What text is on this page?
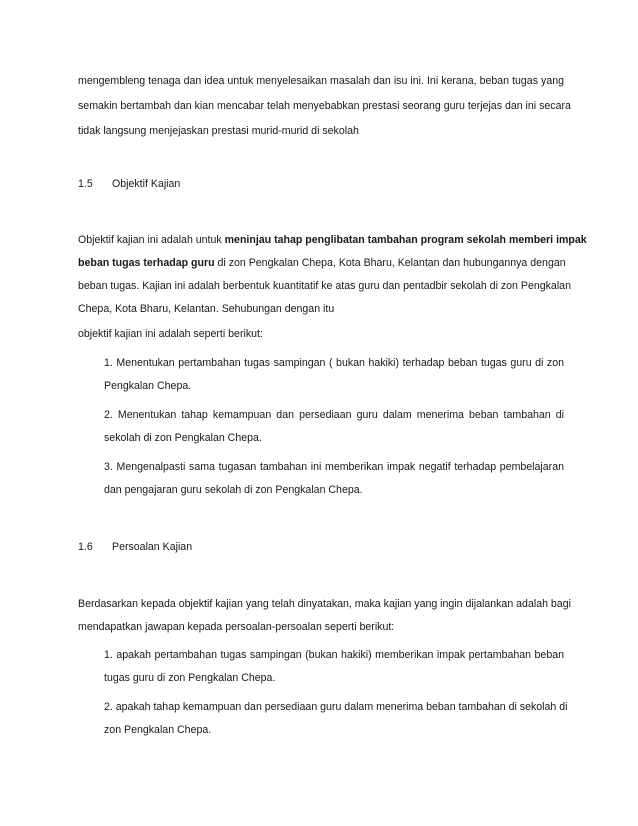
mengembleng tenaga dan idea untuk menyelesaikan masalah dan isu ini. Ini kerana, beban tugas yang
semakin bertambah dan kian mencabar telah menyebabkan prestasi seorang guru terjejas dan ini secara
tidak langsung menjejaskan prestasi murid-murid di sekolah
1.5 Objektif Kajian
Objektif kajian ini adalah untuk meninjau tahap penglibatan tambahan program sekolah memberi impak
beban tugas terhadap guru di zon Pengkalan Chepa, Kota Bharu, Kelantan dan hubungannya dengan
beban tugas. Kajian ini adalah berbentuk kuantitatif ke atas guru dan pentadbir sekolah di zon Pengkalan
Chepa, Kota Bharu, Kelantan. Sehubungan dengan itu
objektif kajian ini adalah seperti berikut:
1. Menentukan pertambahan tugas sampingan ( bukan hakiki) terhadap beban tugas guru di zon
Pengkalan Chepa.
2. Menentukan tahap kemampuan dan persediaan guru dalam menerima beban tambahan di
sekolah di zon Pengkalan Chepa.
3. Mengenalpasti sama tugasan tambahan ini memberikan impak negatif terhadap pembelajaran
dan pengajaran guru sekolah di zon Pengkalan Chepa.
1.6 Persoalan Kajian
Berdasarkan kepada objektif kajian yang telah dinyatakan, maka kajian yang ingin dijalankan adalah bagi
mendapatkan jawapan kepada persoalan-persoalan seperti berikut:
1. apakah pertambahan tugas sampingan (bukan hakiki) memberikan impak pertambahan beban
tugas guru di zon Pengkalan Chepa.
2. apakah tahap kemampuan dan persediaan guru dalam menerima beban tambahan di sekolah di
zon Pengkalan Chepa.
